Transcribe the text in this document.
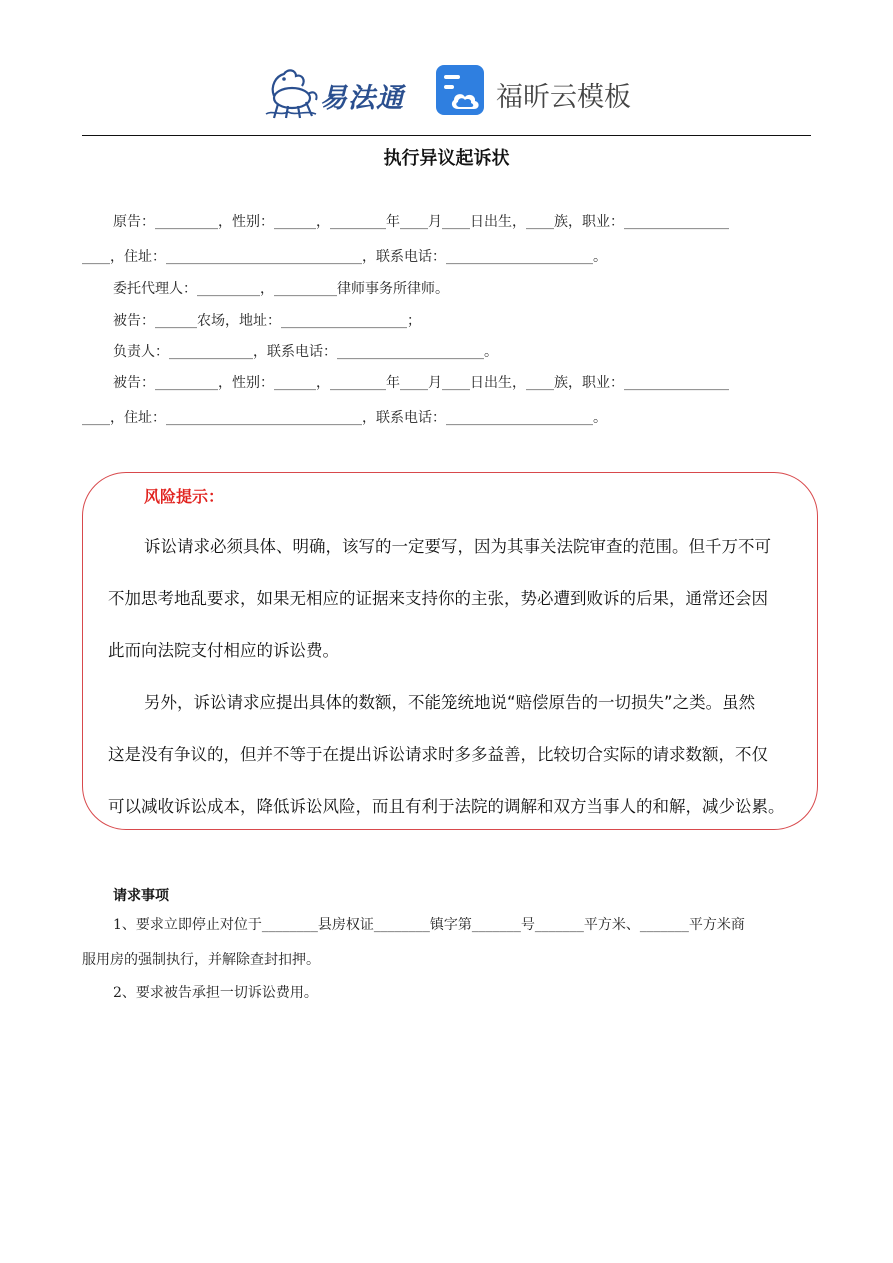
易法通	福昕云模板
执行异议起诉状
原告：_________，性别：______，________年____月____日出生，____族，职业：_______________
____，住址：____________________________，联系电话：_____________________。
委托代理人：_________，_________律师事务所律师。
被告：______农场，地址：__________________；
负责人：____________，联系电话：_____________________。
被告：_________，性别：______，________年____月____日出生，____族，职业：_______________
____，住址：____________________________，联系电话：_____________________。
风险提示：
诉讼请求必须具体、明确，该写的一定要写，因为其事关法院审查的范围。但千万不可
不加思考地乱要求，如果无相应的证据来支持你的主张，势必遭到败诉的后果，通常还会因
此而向法院支付相应的诉讼费。
另外，诉讼请求应提出具体的数额，不能笼统地说“赔偿原告的一切损失”之类。虽然
这是没有争议的，但并不等于在提出诉讼请求时多多益善，比较切合实际的请求数额，不仅
可以减收诉讼成本，降低诉讼风险，而且有利于法院的调解和双方当事人的和解，减少讼累。
请求事项
1、要求立即停止对位于________县房权证________镇字第_______号_______平方米、_______平方米商
服用房的强制执行，并解除查封扣押。
2、要求被告承担一切诉讼费用。
